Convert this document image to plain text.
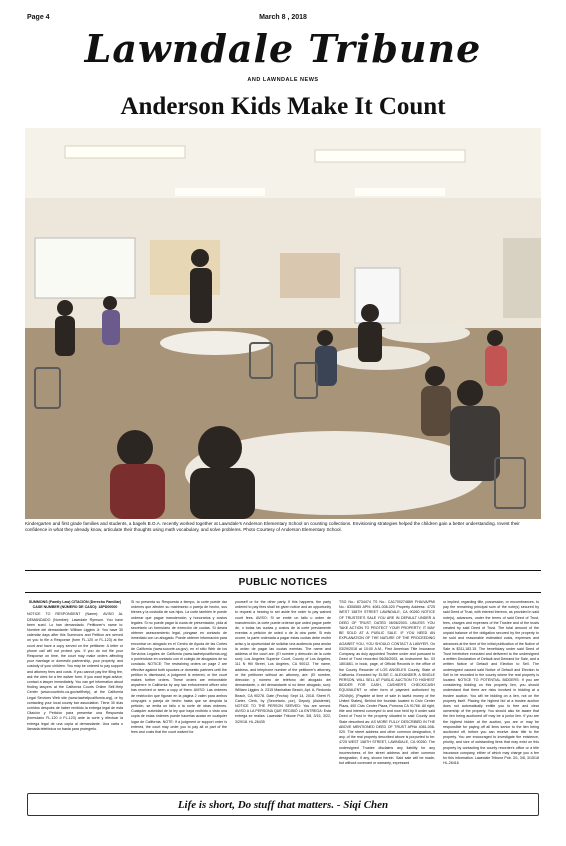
Page 4	March 8 , 2018
Lawndale Tribune
AND LAWNDALE NEWS
Anderson Kids Make It Count
Kindergarten and first grade families and students, a bagels B.O.A. recently worked together at Lawndale's Anderson Elementary School on counting collections. Envisioning strategies helped the children gain a better understanding. Invest their confidence in what they already know, articulate their thoughts using math vocabulary, and solve problems. Photo Courtesy of Anderson Elementary School.
PUBLIC NOTICES

SUMMONS (Family Law) CITACIÓN (Derecho Familiar) CASE NUMBER (NÚMERO DE CASO): 18PD00000

NOTICE TO RESPONDENT (Name): AVISO AL DEMANDADO (Nombre): Lawndale Ryerson. You have been sued. Lo han demandado. Petitioner's name is: Nombre del demandante: William Liggins Jr. You have 30 calendar days after this Summons and Petition are served on you to file a Response (form FL-120 or FL-123) at the court and have a copy served on the petitioner. A letter or phone call will not protect you. If you do not file your Response on time, the court may make orders affecting your marriage or domestic partnership, your property, and custody of your children. You may be ordered to pay support and attorney fees and costs. If you cannot pay the filing fee, ask the clerk for a fee waiver form. If you want legal advice, contact a lawyer immediately. You can get information about finding lawyers at the California Courts Online Self-Help Center (www.courtinfo.ca.gov/selfhelp), at the California Legal Services Web site (www.lawhelpcalifornia.org), or by contacting your local county bar association. Tiene 30 días corridos después de haber recibido la entrega legal de esta Citación y Petición para presentar una Respuesta (formulario FL-120 ó FL-123) ante la corte y efectuar la entrega legal de una copia al demandante. Una carta o llamada telefónica no basta para protegerlo.

Si no presenta su Respuesta a tiempo, la corte puede dar órdenes que afecten su matrimonio o pareja de hecho, sus bienes y la custodia de sus hijos. La corte también le puede ordenar que pague manutención, y honorarios y costos legales. Si no puede pagar la cuota de presentación, pida al secretario un formulario de exención de cuotas. Si desea obtener asesoramiento legal, póngase en contacto de inmediato con un abogado. Puede obtener información para encontrar un abogado en el Centro de Ayuda de las Cortes de California (www.sucorte.ca.gov), en el sitio Web de los Servicios Legales de California (www.lawhelpcalifornia.org) o poniéndose en contacto con el colegio de abogados de su condado. NOTICE: The restraining orders on page 2 are effective against both spouses or domestic partners until the petition is dismissed, a judgment is entered, or the court makes further orders. These orders are enforceable anywhere in California by any law enforcement officer who has received or seen a copy of them. AVISO: Las órdenes de restricción que figuran en la página 2 valen para ambos cónyuges o pareja de hecho hasta que se despida la petición, se emita un fallo o la corte dé otras órdenes. Cualquier autoridad de la ley que haya recibido o visto una copia de estas órdenes puede hacerlas acatar en cualquier lugar de California. NOTE: If a judgment or support order is entered, the court may order you to pay all or part of the fees and costs that the court waived for

yourself or for the other party. If this happens, the party ordered to pay fees shall be given notice and an opportunity to request a hearing to set aside the order to pay waived court fees. AVISO: Si se emite un fallo u orden de manutención, la corte puede ordenar que usted pague parte de, o todas las cuotas y costos de la corte previamente exentas a petición de usted o de la otra parte. Si esto ocurre, la parte ordenada a pagar estas cuotas debe recibir aviso y la oportunidad de solicitar una audiencia para anular la orden de pagar las cuotas exentas. The name and address of the court are: (El nombre y dirección de la corte son): Los Angeles Superior Court, County of Los Angeles, 111 N Hill Street, Los Angeles, CA 90012. The name, address, and telephone number of the petitioner's attorney, or the petitioner without an attorney, are: (El nombre, dirección y número de teléfono del abogado del demandante, o del demandante si no tiene abogado, son): William Liggins Jr. 2315 Manhattan Beach, Apt. A, Redondo Beach, CA 90278. Date (Fecha): Sept 14, 2018. Sherri R. Carter, Clerk, by (Secretario, por), Deputy (Asistente). NOTICE TO THE PERSON SERVED: You are served. AVISO A LA PERSONA QUE RECIBIÓ LA ENTREGA: Esta entrega se realiza. Lawndale Tribune Pub. 3/8, 3/15, 3/22, 3/29/18. HL-26435

TSG No.: 8734474 TS No.: CA1700274869 FHA/VA/PMI No.: 8306565 APN: 4081-008-020 Property Address: 4725 WEST 158TH STREET LAWNDALE, CA 90260 NOTICE OF TRUSTEE'S SALE YOU ARE IN DEFAULT UNDER A DEED OF TRUST, DATED 06/06/2003. UNLESS YOU TAKE ACTION TO PROTECT YOUR PROPERTY, IT MAY BE SOLD AT A PUBLIC SALE. IF YOU NEED AN EXPLANATION OF THE NATURE OF THE PROCEEDING AGAINST YOU, YOU SHOULD CONTACT A LAWYER. On 03/29/2018 at 10:00 A.M., First American Title Insurance Company, as duly appointed Trustee under and pursuant to Deed of Trust recorded 06/26/2003, as Instrument No. 03 1801661, in book, page, of Official Records in the office of the County Recorder of LOS ANGELES County, State of California. Executed by: ELSIE C. ALEXANDER, A SINGLE PERSON, WILL SELL AT PUBLIC AUCTION TO HIGHEST BIDDER FOR CASH, CASHIER'S CHECK/CASH EQUIVALENT or other form of payment authorized by 2924h(b), (Payable at time of sale in lawful money of the United States), Behind the fountain located in Civic Center Plaza, 400 Civic Center Plaza, Pomona CA 91766. All right, title and interest conveyed to and now held by it under said Deed of Trust in the property situated in said County and State described as: AS MORE FULLY DESCRIBED IN THE ABOVE MENTIONED DEED OF TRUST APN# 4081-008-020. The street address and other common designation, if any, of the real property described above is purported to be: 4725 WEST 158TH STREET, LAWNDALE, CA 90260. The undersigned Trustee disclaims any liability for any incorrectness of the street address and other common designation, if any, shown herein. Said sale will be made, but without covenant or warranty, expressed

or implied, regarding title, possession, or encumbrances, to pay the remaining principal sum of the note(s) secured by said Deed of Trust, with interest thereon, as provided in said note(s), advances, under the terms of said Deed of Trust, fees, charges and expenses of the Trustee and of the trusts created by said Deed of Trust. The total amount of the unpaid balance of the obligation secured by the property to be sold and reasonable estimated costs, expenses and advances at the time of the initial publication of the Notice of Sale is $311,183.15. The beneficiary under said Deed of Trust heretofore executed and delivered to the undersigned a written Declaration of Default and Demand for Sale, and a written Notice of Default and Election to Sell. The undersigned caused said Notice of Default and Election to Sell to be recorded in the county where the real property is located. NOTICE TO POTENTIAL BIDDERS: If you are considering bidding on this property lien, you should understand that there are risks involved in bidding at a trustee auction. You will be bidding on a lien, not on the property itself. Placing the highest bid at a trustee auction does not automatically entitle you to free and clear ownership of the property. You should also be aware that the lien being auctioned off may be a junior lien. If you are the highest bidder at the auction, you are or may be responsible for paying off all liens senior to the lien being auctioned off, before you can receive clear title to the property. You are encouraged to investigate the existence, priority, and size of outstanding liens that may exist on this property by contacting the county recorder's office or a title insurance company, either of which may charge you a fee for this information. Lawndale Tribune Pub. 3/1, 3/8, 3/15/18 HL-26416

Life is short, Do stuff that matters. - Siqi Chen
